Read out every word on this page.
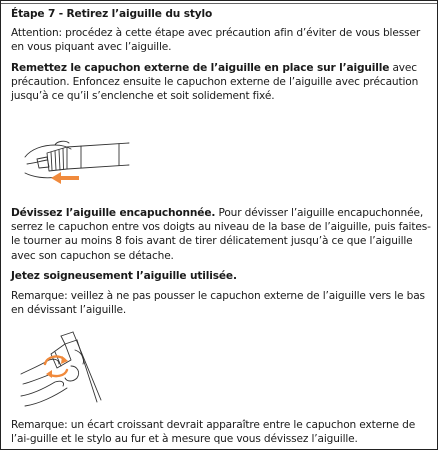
Étape 7 - Retirez l’aiguille du stylo

Attention: procédez à cette étape avec précaution afin d’éviter de vous blesser en vous piquant avec l’aiguille.

Remettez le capuchon externe de l’aiguille en place sur l’aiguille avec précaution. Enfoncez ensuite le capuchon externe de l’aiguille avec précaution jusqu’à ce qu’il s’enclenche et soit solidement fixé.

Dévissez l’aiguille encapuchonnée. Pour dévisser l’aiguille encapuchonnée, serrez le capuchon entre vos doigts au niveau de la base de l’aiguille, puis faites-le tourner au moins 8 fois avant de tirer délicatement jusqu’à ce que l’aiguille avec son capuchon se détache.

Jetez soigneusement l’aiguille utilisée.

Remarque: veillez à ne pas pousser le capuchon externe de l’aiguille vers le bas en dévissant l’aiguille.

Remarque: un écart croissant devrait apparaître entre le capuchon externe de l’ai-guille et le stylo au fur et à mesure que vous dévissez l’aiguille.
